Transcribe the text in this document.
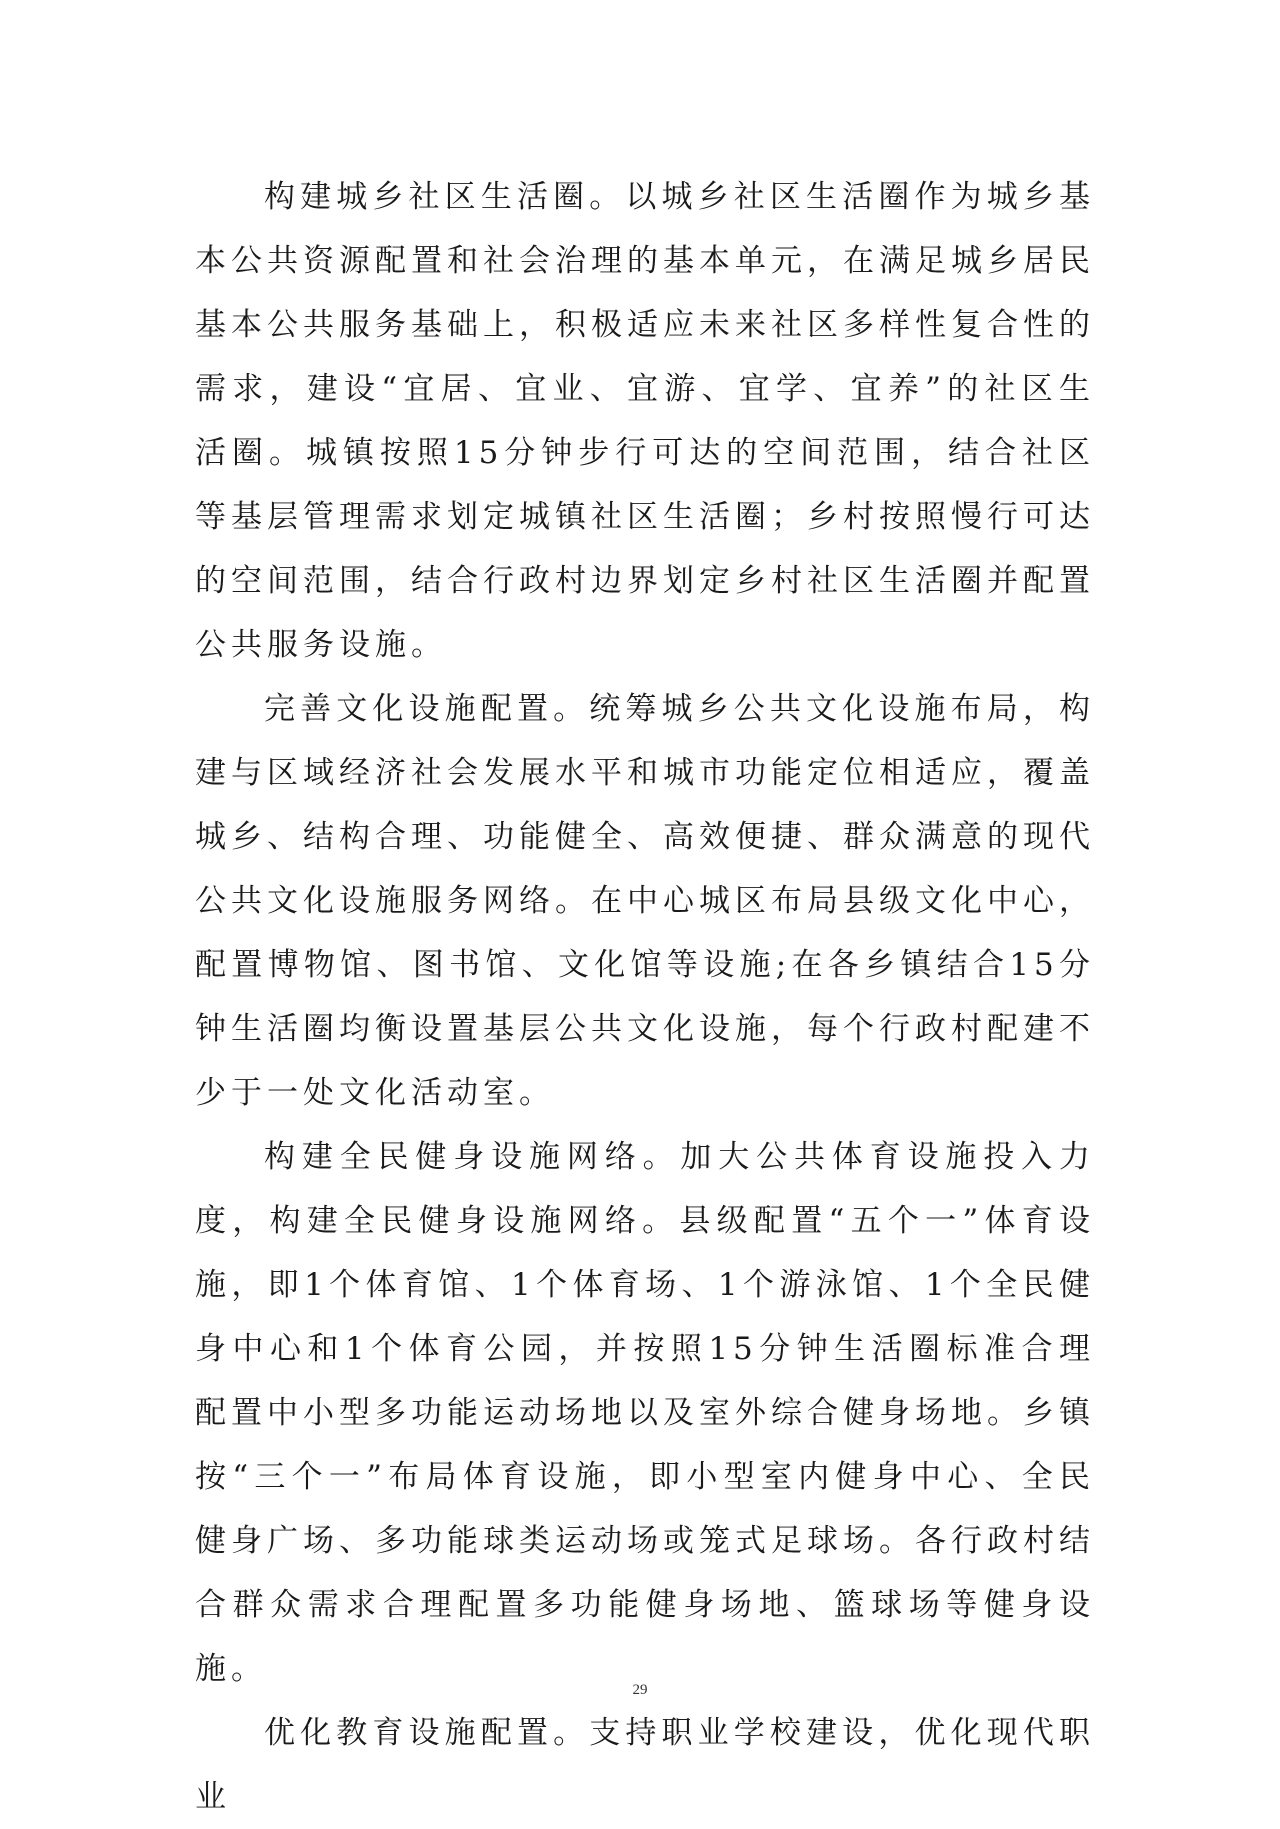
构建城乡社区生活圈。以城乡社区生活圈作为城乡基本公共资源配置和社会治理的基本单元，在满足城乡居民基本公共服务基础上，积极适应未来社区多样性复合性的需求，建设“宜居、宜业、宜游、宜学、宜养”的社区生活圈。城镇按照15分钟步行可达的空间范围，结合社区等基层管理需求划定城镇社区生活圈；乡村按照慢行可达的空间范围，结合行政村边界划定乡村社区生活圈并配置公共服务设施。

完善文化设施配置。统筹城乡公共文化设施布局，构建与区域经济社会发展水平和城市功能定位相适应，覆盖城乡、结构合理、功能健全、高效便捷、群众满意的现代公共文化设施服务网络。在中心城区布局县级文化中心，配置博物馆、图书馆、文化馆等设施;在各乡镇结合15分钟生活圈均衡设置基层公共文化设施，每个行政村配建不少于一处文化活动室。

构建全民健身设施网络。加大公共体育设施投入力度，构建全民健身设施网络。县级配置“五个一”体育设施，即1个体育馆、1个体育场、1个游泳馆、1个全民健身中心和1个体育公园，并按照15分钟生活圈标准合理配置中小型多功能运动场地以及室外综合健身场地。乡镇按“三个一”布局体育设施，即小型室内健身中心、全民健身广场、多功能球类运动场或笼式足球场。各行政村结合群众需求合理配置多功能健身场地、篮球场等健身设施。

优化教育设施配置。支持职业学校建设，优化现代职业

29
